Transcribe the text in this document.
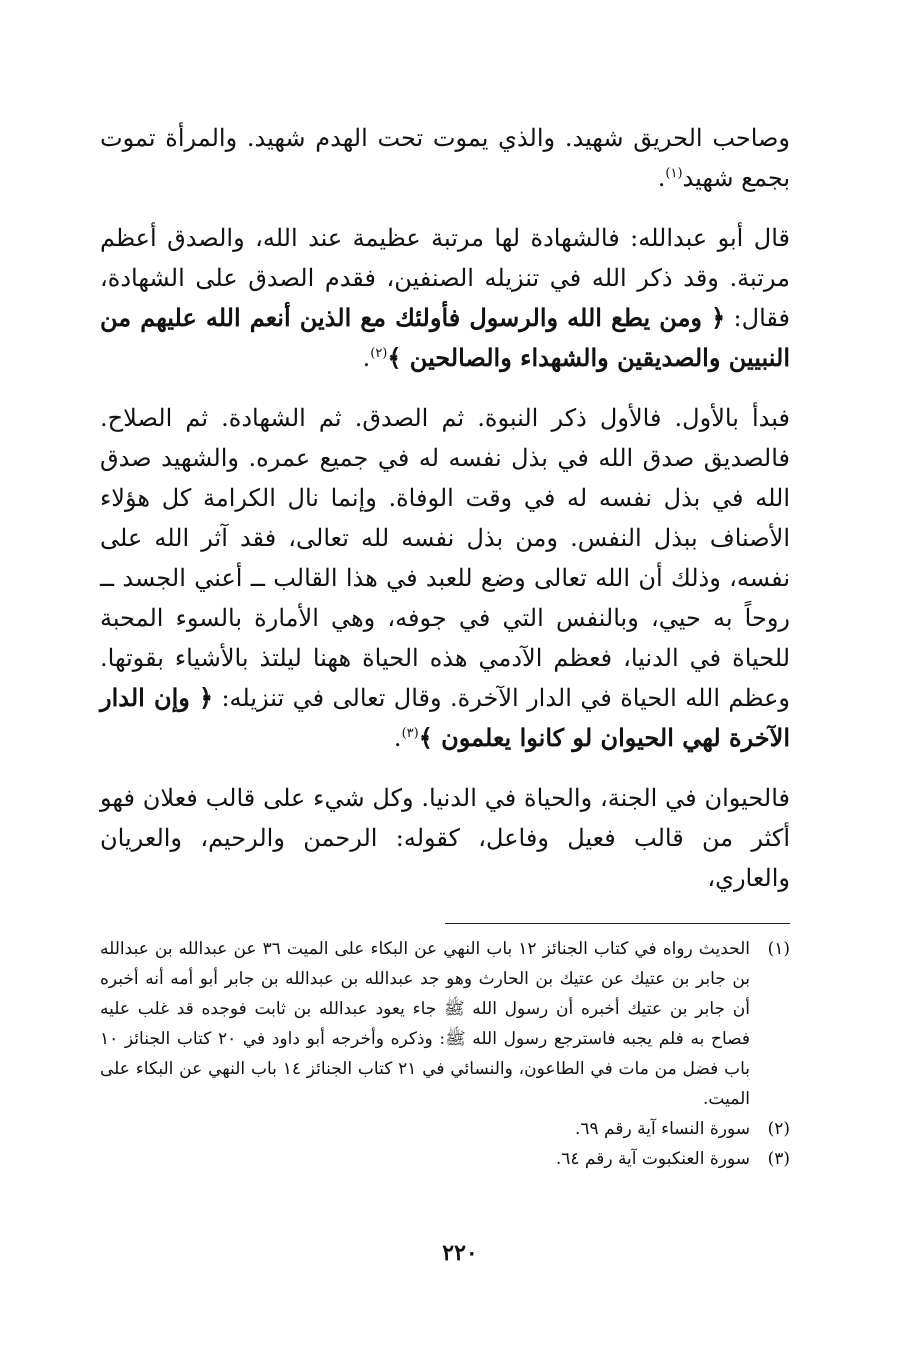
وصاحب الحريق شهيد. والذي يموت تحت الهدم شهيد. والمرأة تموت بجمع شهيد$^{(١)}$.

قال أبو عبدالله: فالشهادة لها مرتبة عظيمة عند الله، والصدق أعظم مرتبة. وقد ذكر الله في تنزيله الصنفين، فقدم الصدق على الشهادة، فقال: ﴿ ومن يطع الله والرسول فأولئك مع الذين أنعم الله عليهم من النبيين والصديقين والشهداء والصالحين ﴾$^{(٢)}$.

فبدأ بالأول. فالأول ذكر النبوة. ثم الصدق. ثم الشهادة. ثم الصلاح. فالصديق صدق الله في بذل نفسه له في جميع عمره. والشهيد صدق الله في بذل نفسه له في وقت الوفاة. وإنما نال الكرامة كل هؤلاء الأصناف ببذل النفس. ومن بذل نفسه لله تعالى، فقد آثر الله على نفسه، وذلك أن الله تعالى وضع للعبد في هذا القالب ــ أعني الجسد ــ روحاً به حيي، وبالنفس التي في جوفه، وهي الأمارة بالسوء المحبة للحياة في الدنيا، فعظم الآدمي هذه الحياة ههنا ليلتذ بالأشياء بقوتها. وعظم الله الحياة في الدار الآخرة. وقال تعالى في تنزيله: ﴿ وإن الدار الآخرة لهي الحيوان لو كانوا يعلمون ﴾$^{(٣)}$.

فالحيوان في الجنة، والحياة في الدنيا. وكل شيء على قالب فعلان فهو أكثر من قالب فعيل وفاعل، كقوله: الرحمن والرحيم، والعريان والعاري،

(١)
الحديث رواه في كتاب الجنائز ١٢ باب النهي عن البكاء على الميت ٣٦ عن عبدالله بن عبدالله بن جابر بن عتيك عن عتيك بن الحارث وهو جد عبدالله بن عبدالله بن جابر أبو أمه أنه أخبره أن جابر بن عتيك أخبره أن رسول الله ﷺ جاء يعود عبدالله بن ثابت فوجده قد غلب عليه فصاح به فلم يجبه فاسترجع رسول الله ﷺ: وذكره وأخرجه أبو داود في ٢٠ كتاب الجنائز ١٠ باب فضل من مات في الطاعون، والنسائي في ٢١ كتاب الجنائز ١٤ باب النهي عن البكاء على الميت.
(٢)
سورة النساء آية رقم ٦٩.
(٣)
سورة العنكبوت آية رقم ٦٤.
٢٢٠
